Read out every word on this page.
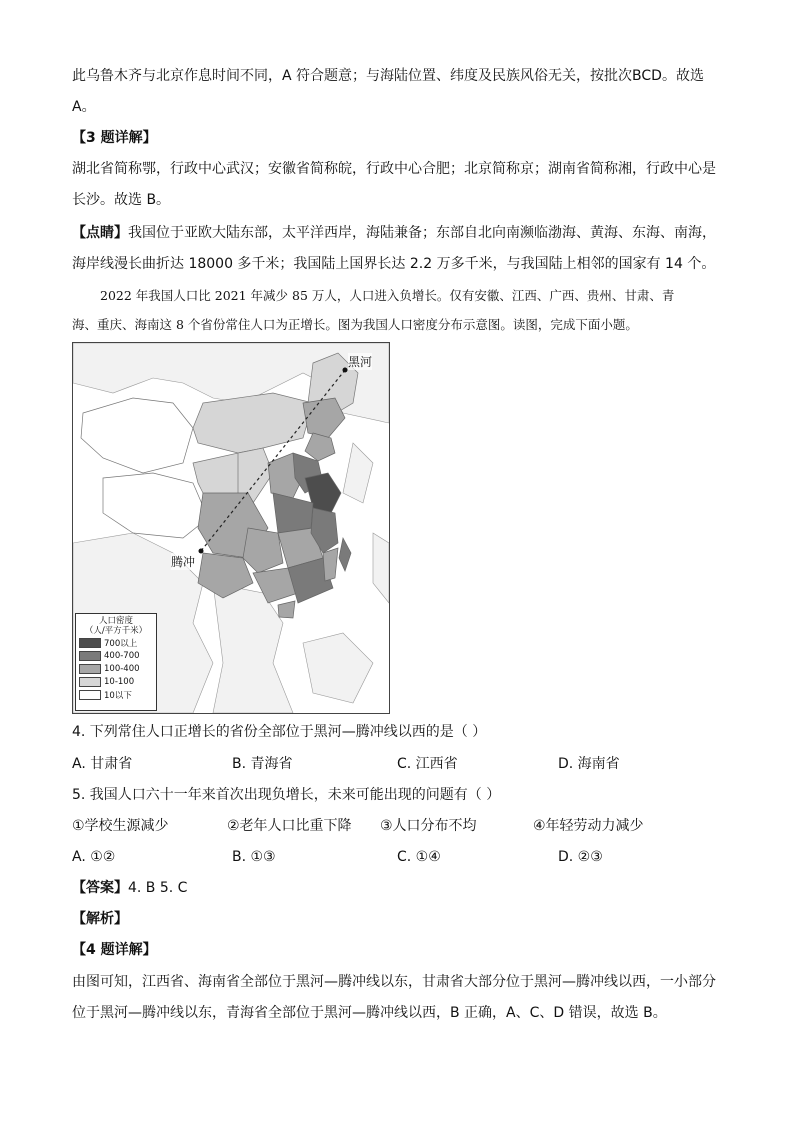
此乌鲁木齐与北京作息时间不同，A 符合题意；与海陆位置、纬度及民族风俗无关，按批次BCD。故选
A。
【3 题详解】
湖北省简称鄂，行政中心武汉；安徽省简称皖，行政中心合肥；北京简称京；湖南省简称湘，行政中心是
长沙。故选 B。
【点睛】我国位于亚欧大陆东部，太平洋西岸，海陆兼备；东部自北向南濒临渤海、黄海、东海、南海，
海岸线漫长曲折达 18000 多千米；我国陆上国界长达 2.2 万多千米，与我国陆上相邻的国家有 14 个。
2022 年我国人口比 2021 年减少 85 万人，人口进入负增长。仅有安徽、江西、广西、贵州、甘肃、青
海、重庆、海南这 8 个省份常住人口为正增长。图为我国人口密度分布示意图。读图，完成下面小题。
黑河
腾冲
人口密度
（人/平方千米）
700以上
400-700
100-400
10-100
10以下
4. 下列常住人口正增长的省份全部位于黑河—腾冲线以西的是（ ）
A. 甘肃省	B. 青海省	C. 江西省	D. 海南省
5. 我国人口六十一年来首次出现负增长，未来可能出现的问题有（ ）
①学校生源减少	②老年人口比重下降 ③人口分布不均	④年轻劳动力减少
A. ①②	B. ①③	C. ①④	D. ②③
【答案】4. B 5. C
【解析】
【4 题详解】
由图可知，江西省、海南省全部位于黑河—腾冲线以东，甘肃省大部分位于黑河—腾冲线以西，一小部分
位于黑河—腾冲线以东，青海省全部位于黑河—腾冲线以西，B 正确，A、C、D 错误，故选 B。
